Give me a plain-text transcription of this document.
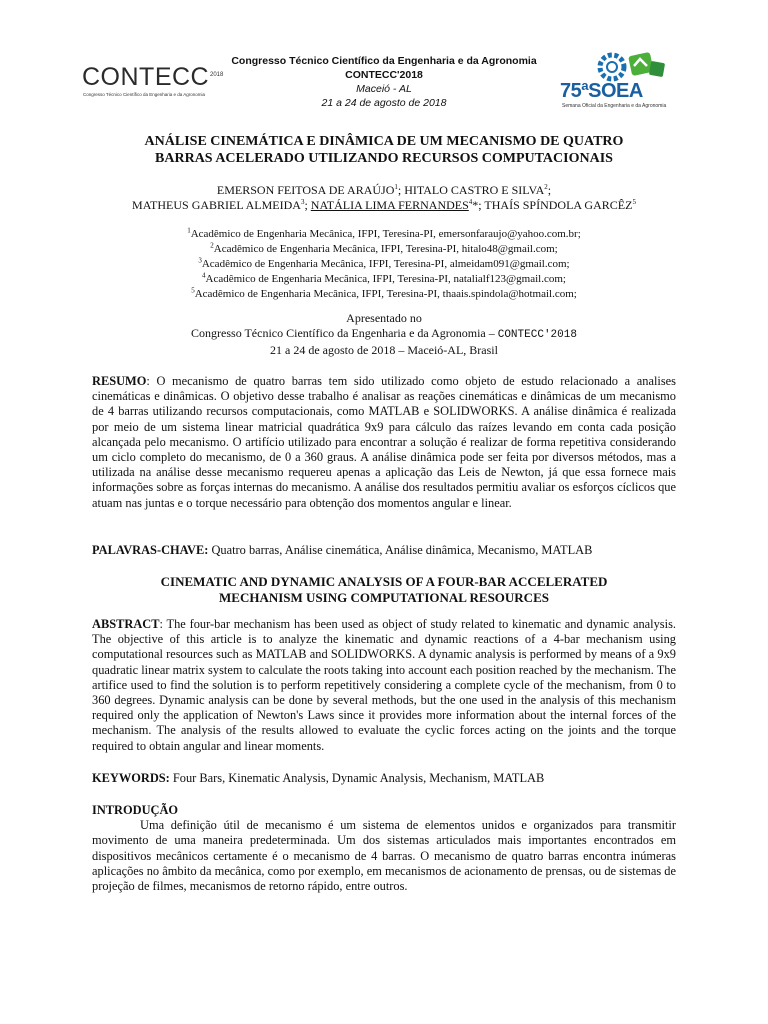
CONTECC 2018
Congresso Técnico Científico da Engenharia e da Agronomia
Congresso Técnico Científico da Engenharia e da Agronomia
CONTECC'2018
Maceió - AL
21 a 24 de agosto de 2018
75ªSOEA
Semana Oficial da Engenharia e da Agronomia
ANÁLISE CINEMÁTICA E DINÂMICA DE UM MECANISMO DE QUATRO
BARRAS ACELERADO UTILIZANDO RECURSOS COMPUTACIONAIS
EMERSON FEITOSA DE ARAÚJO$^1$; HITALO CASTRO E SILVA$^2$;
MATHEUS GABRIEL ALMEIDA$^3$; NATÁLIA LIMA FERNANDES$^4$*; THAÍS SPÍNDOLA GARCÊZ$^5$
$^1$Acadêmico de Engenharia Mecânica, IFPI, Teresina-PI, emersonfaraujo@yahoo.com.br;
$^2$Acadêmico de Engenharia Mecânica, IFPI, Teresina-PI, hitalo48@gmail.com;
$^3$Acadêmico de Engenharia Mecânica, IFPI, Teresina-PI, almeidam091@gmail.com;
$^4$Acadêmico de Engenharia Mecânica, IFPI, Teresina-PI, natalialf123@gmail.com;
$^5$Acadêmico de Engenharia Mecânica, IFPI, Teresina-PI, thaais.spindola@hotmail.com;
Apresentado no
Congresso Técnico Científico da Engenharia e da Agronomia – CONTECC'2018
21 a 24 de agosto de 2018 – Maceió-AL, Brasil
RESUMO: O mecanismo de quatro barras tem sido utilizado como objeto de estudo relacionado a analises cinemáticas e dinâmicas. O objetivo desse trabalho é analisar as reações cinemáticas e dinâmicas de um mecanismo de 4 barras utilizando recursos computacionais, como MATLAB e SOLIDWORKS. A análise dinâmica é realizada por meio de um sistema linear matricial quadrática 9x9 para cálculo das raízes levando em conta cada posição alcançada pelo mecanismo. O artifício utilizado para encontrar a solução é realizar de forma repetitiva considerando um ciclo completo do mecanismo, de 0 a 360 graus. A análise dinâmica pode ser feita por diversos métodos, mas a utilizada na análise desse mecanismo requereu apenas a aplicação das Leis de Newton, já que essa fornece mais informações sobre as forças internas do mecanismo. A análise dos resultados permitiu avaliar os esforços cíclicos que atuam nas juntas e o torque necessário para obtenção dos momentos angular e linear.
PALAVRAS-CHAVE: Quatro barras, Análise cinemática, Análise dinâmica, Mecanismo, MATLAB
CINEMATIC AND DYNAMIC ANALYSIS OF A FOUR-BAR ACCELERATED
MECHANISM USING COMPUTATIONAL RESOURCES
ABSTRACT: The four-bar mechanism has been used as object of study related to kinematic and dynamic analysis. The objective of this article is to analyze the kinematic and dynamic reactions of a 4-bar mechanism using computational resources such as MATLAB and SOLIDWORKS. A dynamic analysis is performed by means of a 9x9 quadratic linear matrix system to calculate the roots taking into account each position reached by the mechanism. The artifice used to find the solution is to perform repetitively considering a complete cycle of the mechanism, from 0 to 360 degrees. Dynamic analysis can be done by several methods, but the one used in the analysis of this mechanism required only the application of Newton's Laws since it provides more information about the internal forces of the mechanism. The analysis of the results allowed to evaluate the cyclic forces acting on the joints and the torque required to obtain angular and linear moments.
KEYWORDS: Four Bars, Kinematic Analysis, Dynamic Analysis, Mechanism, MATLAB
INTRODUÇÃO
Uma definição útil de mecanismo é um sistema de elementos unidos e organizados para transmitir movimento de uma maneira predeterminada. Um dos sistemas articulados mais importantes encontrados em dispositivos mecânicos certamente é o mecanismo de 4 barras. O mecanismo de quatro barras encontra inúmeras aplicações no âmbito da mecânica, como por exemplo, em mecanismos de acionamento de prensas, ou de sistemas de projeção de filmes, mecanismos de retorno rápido, entre outros.
